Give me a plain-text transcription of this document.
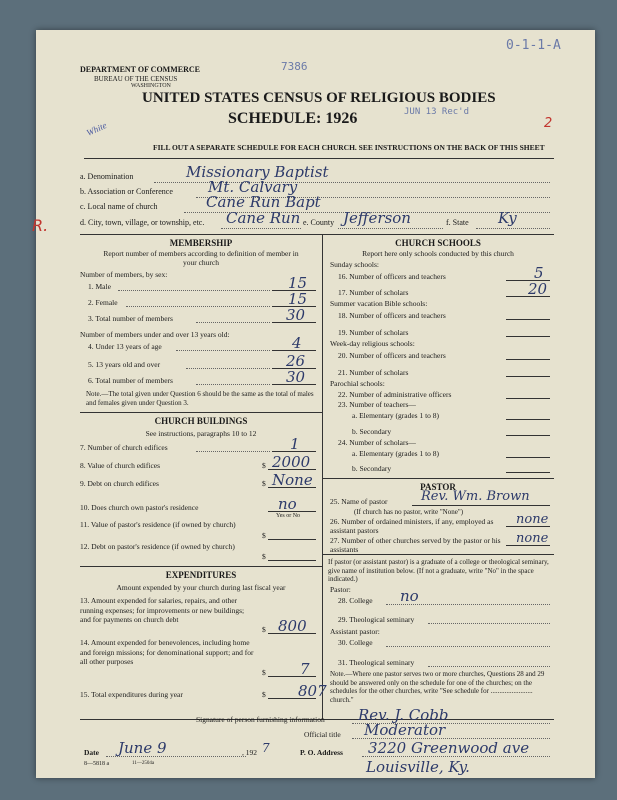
0-1-1-A
7386
JUN 13 Rec'd
White	2
R.
DEPARTMENT OF COMMERCE
BUREAU OF THE CENSUS
WASHINGTON
UNITED STATES CENSUS OF RELIGIOUS BODIES
SCHEDULE: 1926
FILL OUT A SEPARATE SCHEDULE FOR EACH CHURCH. SEE INSTRUCTIONS ON THE BACK OF THIS SHEET
a. Denomination	Missionary Baptist
b. Association or Conference Mt. Calvary
c. Local name of church	Cane Run Bapt
d. City, town, village, or township, etc. Cane Run e. County Jefferson	f. State Ky
MEMBERSHIP
Report number of members according to definition of member in your church
Number of members, by sex:
1. Male	15
2. Female	15
3. Total number of members	30
Number of members under and over 13 years old:
4. Under 13 years of age	4
5. 13 years old and over	26
6. Total number of members	30
Note.—The total given under Question 6 should be the same as the total of males and females given under Question 3.
CHURCH BUILDINGS
See instructions, paragraphs 10 to 12
7. Number of church edifices	1
8. Value of church edifices	$ 2000
9. Debt on church edifices	$ None
10. Does church own pastor's residence	no
Yes or No
11. Value of pastor's residence (if owned by church)
$
12. Debt on pastor's residence (if owned by church)
$
EXPENDITURES
Amount expended by your church during last fiscal year
13. Amount expended for salaries, repairs, and other running expenses; for improvements or new buildings; and for payments on church debt
$ 800
14. Amount expended for benevolences, including home and foreign missions; for denominational support; and for all other purposes
$ 7
15. Total expenditures during year	$ 807
CHURCH SCHOOLS
Report here only schools conducted by this church
Sunday schools:
16. Number of officers and teachers	5
17. Number of scholars	20
Summer vacation Bible schools:
18. Number of officers and teachers
19. Number of scholars
Week-day religious schools:
20. Number of officers and teachers
21. Number of scholars
Parochial schools:
22. Number of administrative officers
23. Number of teachers—
a. Elementary (grades 1 to 8)
b. Secondary
24. Number of scholars—
a. Elementary (grades 1 to 8)
b. Secondary
PASTOR
25. Name of pastor	Rev. Wm. Brown
(If church has no pastor, write "None")
26. Number of ordained ministers, if any, employed as assistant pastors
none
27. Number of other churches served by the pastor or his assistants
none
If pastor (or assistant pastor) is a graduate of a college or theological seminary, give name of institution below. (If not a graduate, write "No" in the space indicated.)
Pastor:
28. College no
29. Theological seminary
Assistant pastor:
30. College
31. Theological seminary
Note.—Where one pastor serves two or more churches, Questions 28 and 29 should be answered only on the schedule for one of the churches; on the schedules for the other churches, write "See schedule for ........................ church."
Signature of person furnishing information Rev. J. Cobb
Official title Moderator
Date June 9	, 192 7	P. O. Address 3220 Greenwood ave
Louisville, Ky.
8—5818 a	11—2504a
